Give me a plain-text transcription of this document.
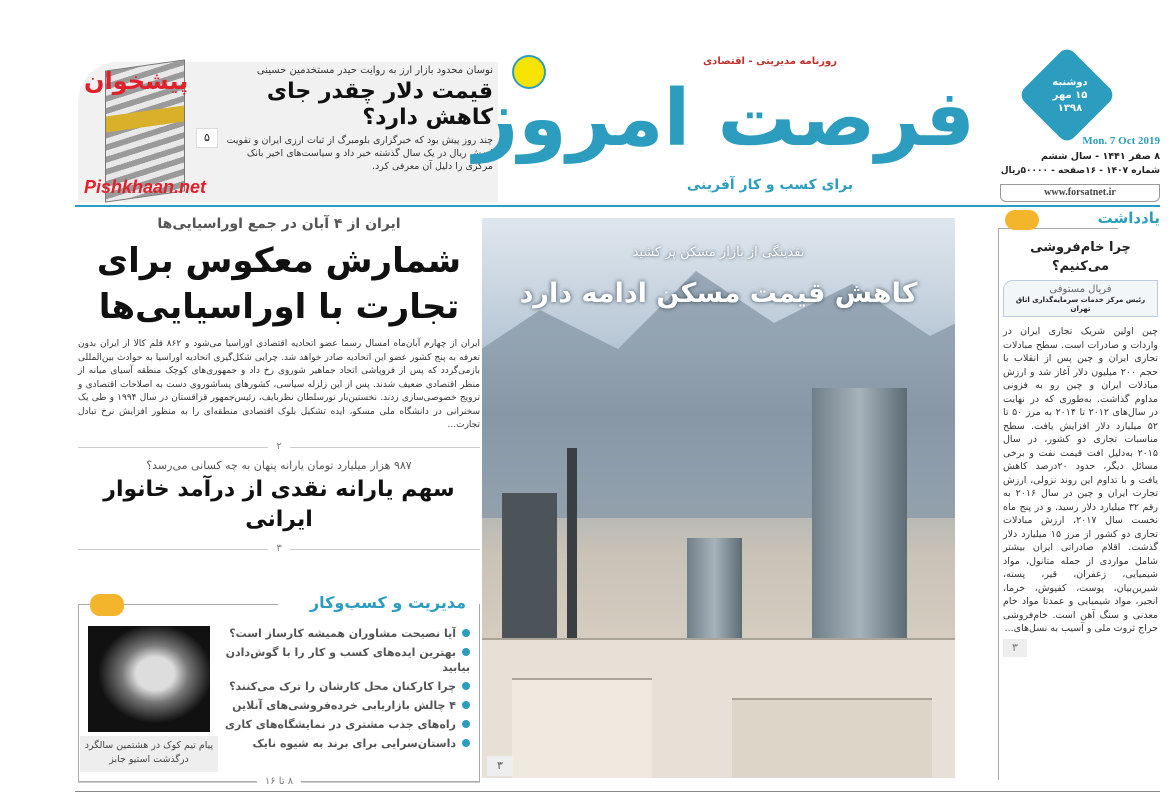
پیشخوان
Pishkhaan.net
۵
نوسان محدود بازار ارز به روایت حیدر مستخدمین حسینی
قیمت دلار چقدر جای کاهش دارد؟
چند روز پیش بود که خبرگزاری بلومبرگ از ثبات ارزی ایران و تقویت ارزش ریال در یک سال گذشته خبر داد و سیاست‌های اخیر بانک مرکزی را دلیل آن معرفی کرد.
روزنامه مدیریتی - اقتصادی
فرصت امروز
برای کسب و کار آفرینی
دوشنبه
۱۵ مهر
۱۳۹۸
Mon. 7 Oct 2019
۸ صفر ۱۴۴۱ - سال ششم
شماره ۱۴۰۷ - ۱۶صفحه - ۵۰۰۰۰ریال
www.forsatnet.ir
ایران از ۴ آبان در جمع اوراسیایی‌ها
شمارش معکوس برای تجارت با اوراسیایی‌ها
ایران از چهارم آبان‌ماه امسال رسما عضو اتحادیه اقتصادی اوراسیا می‌شود و ۸۶۲ قلم کالا از ایران بدون تعرفه به پنج کشور عضو این اتحادیه صادر خواهد شد. چرایی شکل‌گیری اتحادیه اوراسیا به حوادث بین‌المللی بازمی‌گردد که پس از فروپاشی اتحاد جماهیر شوروی رخ داد و جمهوری‌های کوچک منطقه آسیای میانه از منظر اقتصادی ضعیف شدند. پس از این زلزله سیاسی، کشورهای پساشوروی دست به اصلاحات اقتصادی و ترویج خصوصی‌سازی زدند. نخستین‌بار نورسلطان نظربایف، رئیس‌جمهور قزاقستان در سال ۱۹۹۴ و طی یک سخنرانی در دانشگاه ملی مسکو، ایده تشکیل بلوک اقتصادی منطقه‌ای را به منظور افزایش نرخ تبادل تجارت...
۲
۹۸۷ هزار میلیارد تومان یارانه پنهان به چه کسانی می‌رسد؟
سهم یارانه نقدی از درآمد خانوار ایرانی
۳
مدیریت و کسب‌وکار
پیام تیم کوک در هشتمین سالگرد درگذشت استیو جابز
آیا نصیحت مشاوران همیشه کارساز است؟
بهترین ایده‌های کسب و کار را با گوش‌دادن بیابید
چرا کارکنان محل کارشان را ترک می‌کنند؟
۴ چالش بازاریابی خرده‌فروشی‌های آنلاین
راه‌های جذب مشتری در نمایشگاه‌های کاری
داستان‌سرایی برای برند به شیوه نایک
۸ تا ۱۶
نقدینگی از بازار مسکن پر کشید
کاهش قیمت مسکن ادامه دارد
۳
یادداشت
چرا خام‌فروشی می‌کنیم؟
فریال مستوفی
رئیس مرکز خدمات سرمایه‌گذاری اتاق تهران
چین اولین شریک تجاری ایران در واردات و صادرات است. سطح مبادلات تجاری ایران و چین پس از انقلاب با حجم ۲۰۰ میلیون دلار آغاز شد و ارزش مبادلات ایران و چین رو به فزونی مداوم گذاشت. به‌طوری که در نهایت در سال‌های ۲۰۱۲ تا ۲۰۱۴ به مرز ۵۰ تا ۵۲ میلیارد دلار افزایش یافت. سطح مناسبات تجاری دو کشور، در سال ۲۰۱۵ به‌دلیل افت قیمت نفت و برخی مسائل دیگر، حدود ۲۰درصد کاهش یافت و با تداوم این روند نزولی، ارزش تجارت ایران و چین در سال ۲۰۱۶ به رقم ۳۲ میلیارد دلار رسید. و در پنج ماه نخست سال ۲۰۱۷، ارزش مبادلات تجاری دو کشور از مرز ۱۵ میلیارد دلار گذشت. اقلام صادراتی ایران بیشتر شامل مواردی از جمله متانول، مواد شیمیایی، زعفران، قیر، پسته، شیرین‌بیان، پوست، کفپوش، خرما، انجیر، مواد شیمیایی و عمدتا مواد خام معدنی و سنگ آهن است. خام‌فروشی حراج ثروت ملی و آسیب به نسل‌های...
۳
